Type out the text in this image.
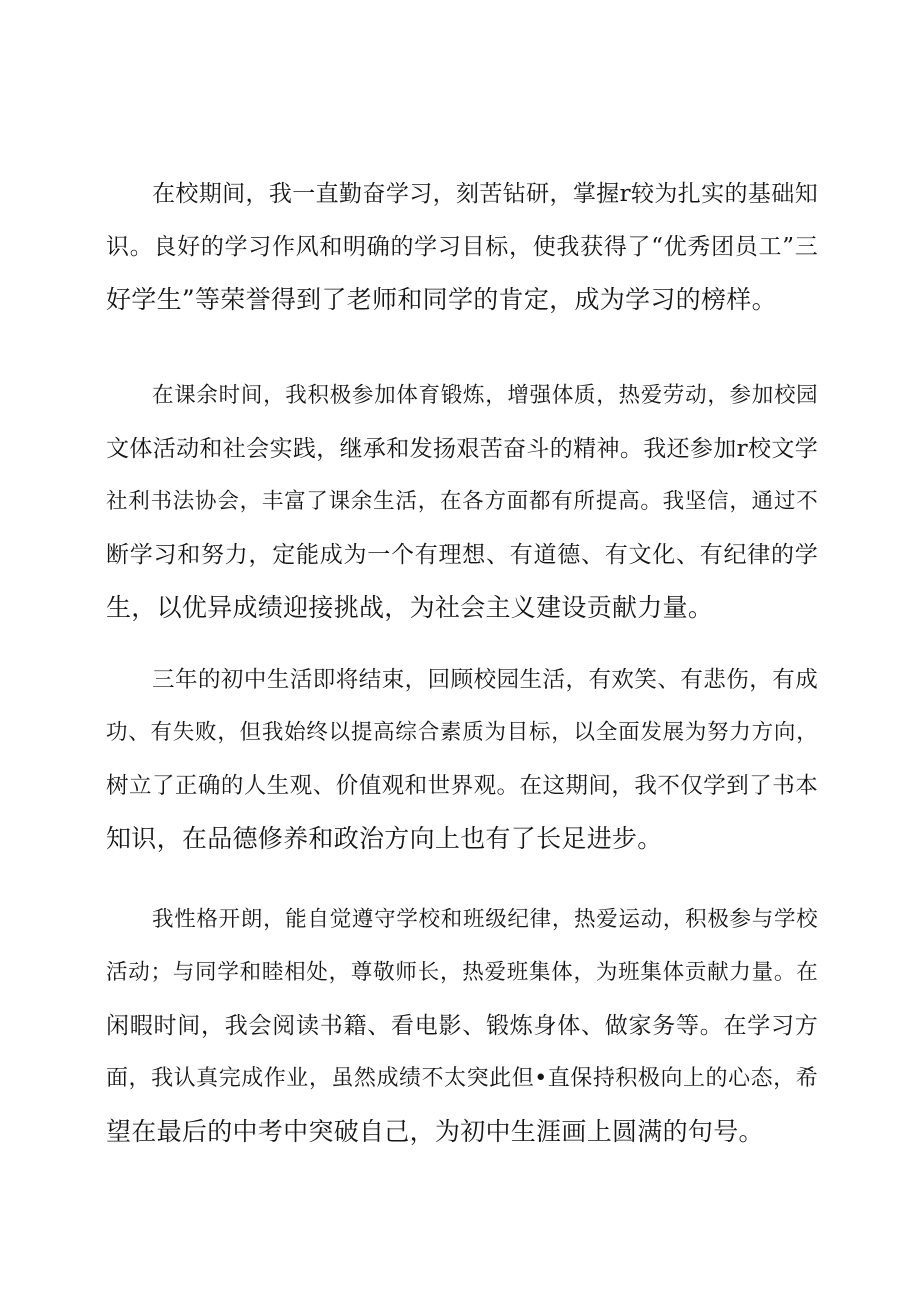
在校期间，我一直勤奋学习，刻苦钻研，掌握r较为扎实的基础知
识。良好的学习作风和明确的学习目标，使我获得了“优秀团员工”三
好学生”等荣誉得到了老师和同学的肯定，成为学习的榜样。
在课余时间，我积极参加体育锻炼，增强体质，热爱劳动，参加校园
文体活动和社会实践，继承和发扬艰苦奋斗的精神。我还参加r校文学
社利书法协会，丰富了课余生活，在各方面都有所提高。我坚信，通过不
断学习和努力，定能成为一个有理想、有道德、有文化、有纪律的学
生，以优异成绩迎接挑战，为社会主义建设贡献力量。
三年的初中生活即将结束，回顾校园生活，有欢笑、有悲伤，有成
功、有失败，但我始终以提高综合素质为目标，以全面发展为努力方向，
树立了正确的人生观、价值观和世界观。在这期间，我不仅学到了书本
知识，在品德修养和政治方向上也有了长足进步。
我性格开朗，能自觉遵守学校和班级纪律，热爱运动，积极参与学校
活动；与同学和睦相处，尊敬师长，热爱班集体，为班集体贡献力量。在
闲暇时间，我会阅读书籍、看电影、锻炼身体、做家务等。在学习方
面，我认真完成作业，虽然成绩不太突此但•直保持积极向上的心态，希
望在最后的中考中突破自己，为初中生涯画上圆满的句号。
